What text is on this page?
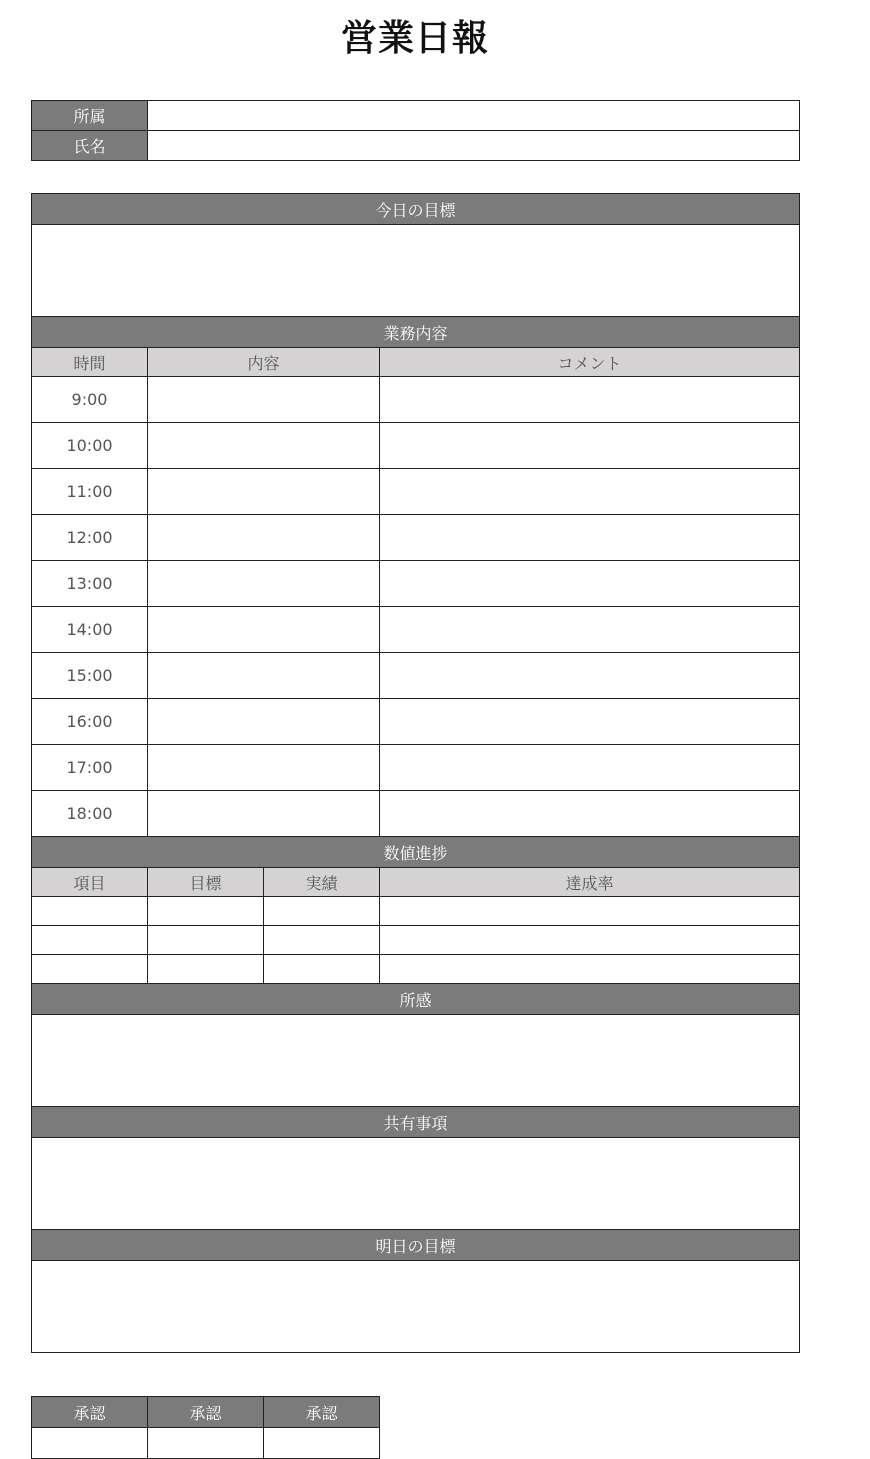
営業日報
所属	
氏名	
今日の目標			

業務内容			
時間	内容		コメント
9:00			
10:00			
11:00			
12:00			
13:00			
14:00			
15:00			
16:00			
17:00			
18:00			
数値進捗			
項目	目標	実績	達成率

所感			

共有事項			

明日の目標			

承認	承認	承認
